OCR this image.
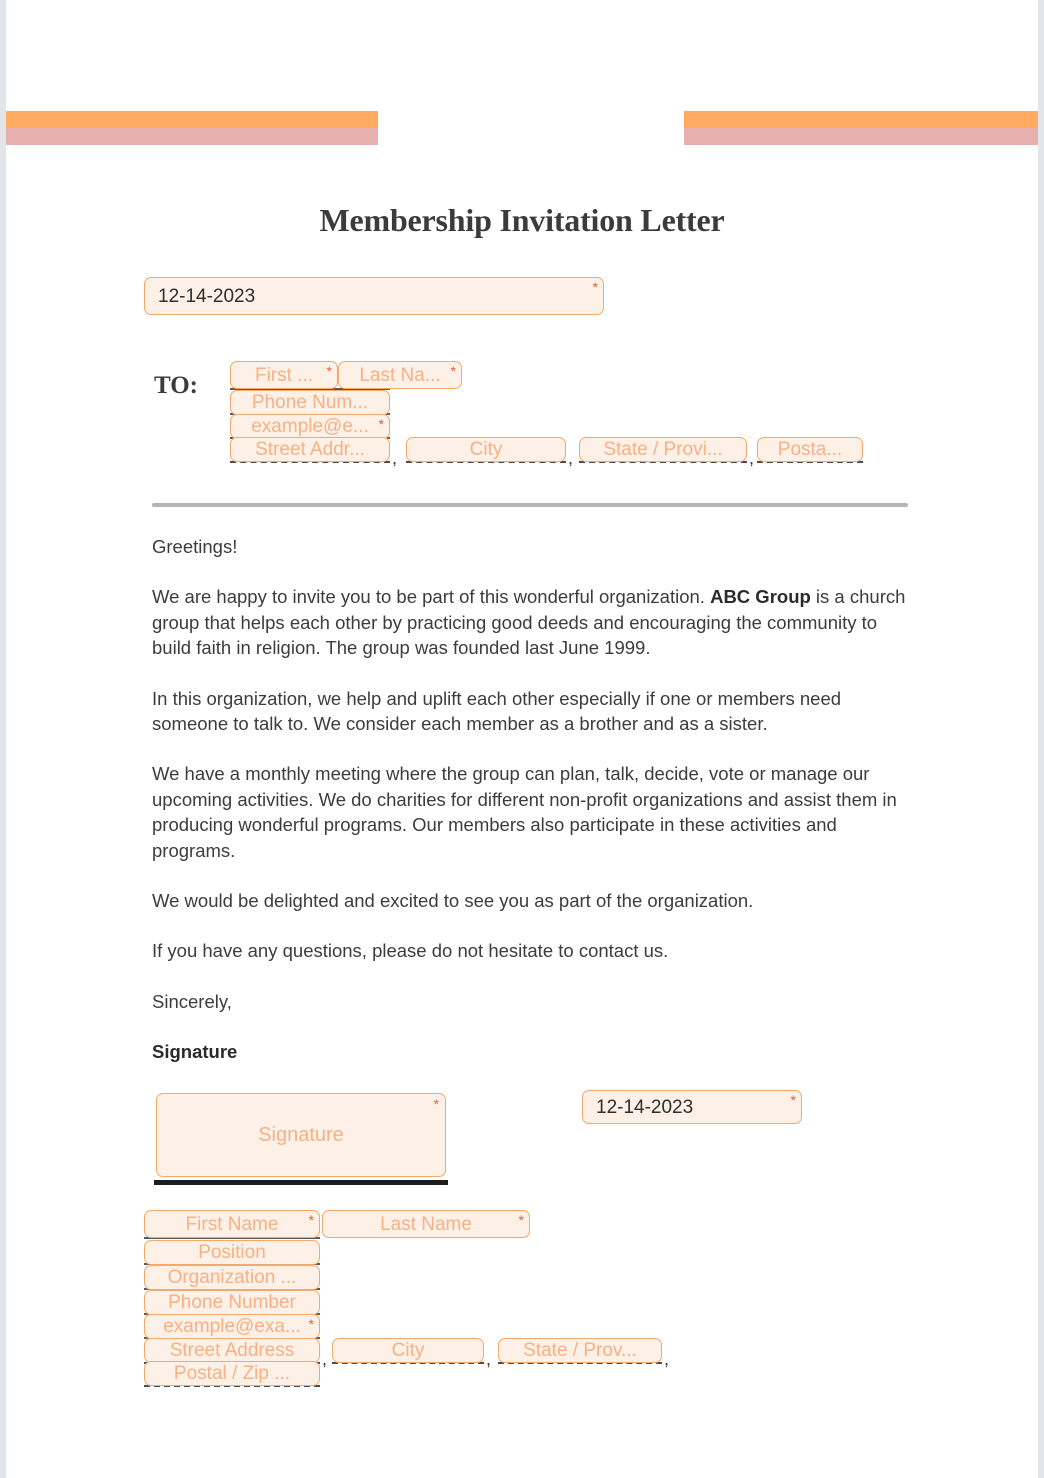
Membership Invitation Letter
12-14-2023	*
TO:	First ... * Last Na... *
Phone Num...
example@e... *
Street Addr... ,	City	, State / Provi... , Posta...

Greetings!

We are happy to invite you to be part of this wonderful organization. ABC Group is a church group that helps each other by practicing good deeds and encouraging the community to build faith in religion. The group was founded last June 1999.

In this organization, we help and uplift each other especially if one or members need someone to talk to. We consider each member as a brother and as a sister.

We have a monthly meeting where the group can plan, talk, decide, vote or manage our upcoming activities. We do charities for different non-profit organizations and assist them in producing wonderful programs. Our members also participate in these activities and programs.

We would be delighted and excited to see you as part of the organization.

If you have any questions, please do not hesitate to contact us.

Sincerely,

Signature

Signature
*	12-14-2023	*
First Name *	Last Name	*
Position
Organization ...
Phone Number
example@exa... *
Street Address ,	City	, State / Prov... ,
Postal / Zip ...
